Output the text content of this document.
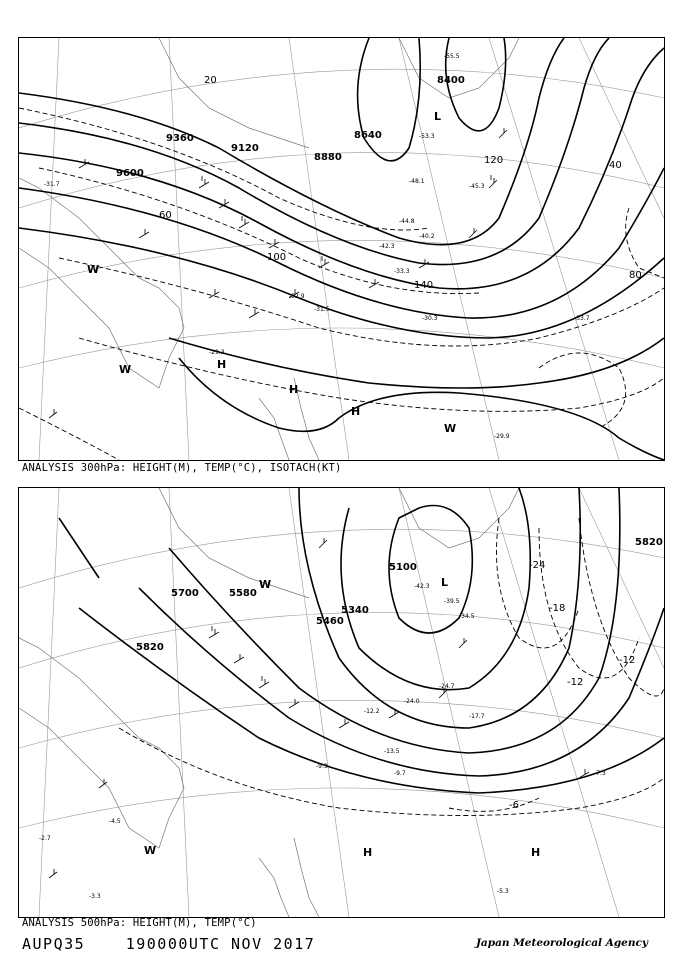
8400
8640
8880
9120
9360
9600
20
40
60
80
100
120
140
-55.5
-53.3
-48.1
-45.3
-44.8
-42.3
-40.2
-33.3
-33.7
-31.5
-30.3
-29.3
-29.9
-31.7
-32.9
L
H
H
H
W
W
W
ANALYSIS 300hPa: HEIGHT(M), TEMP(°C), ISOTACH(KT)
5100
5340
5460
5580
5700
5820
5820
-42.3
-39.5
-34.5
-24.7
-24.0
-17.7
-13.5
-12.2
-9.7
-9.3
-7.3
-5.3
-4.5
-3.3
-2.7
-24
-18
-12
-12
-6
L
H	H
W
W
ANALYSIS 500hPa: HEIGHT(M), TEMP(°C)
AUPQ35	190000UTC NOV 2017	Japan Meteorological Agency
